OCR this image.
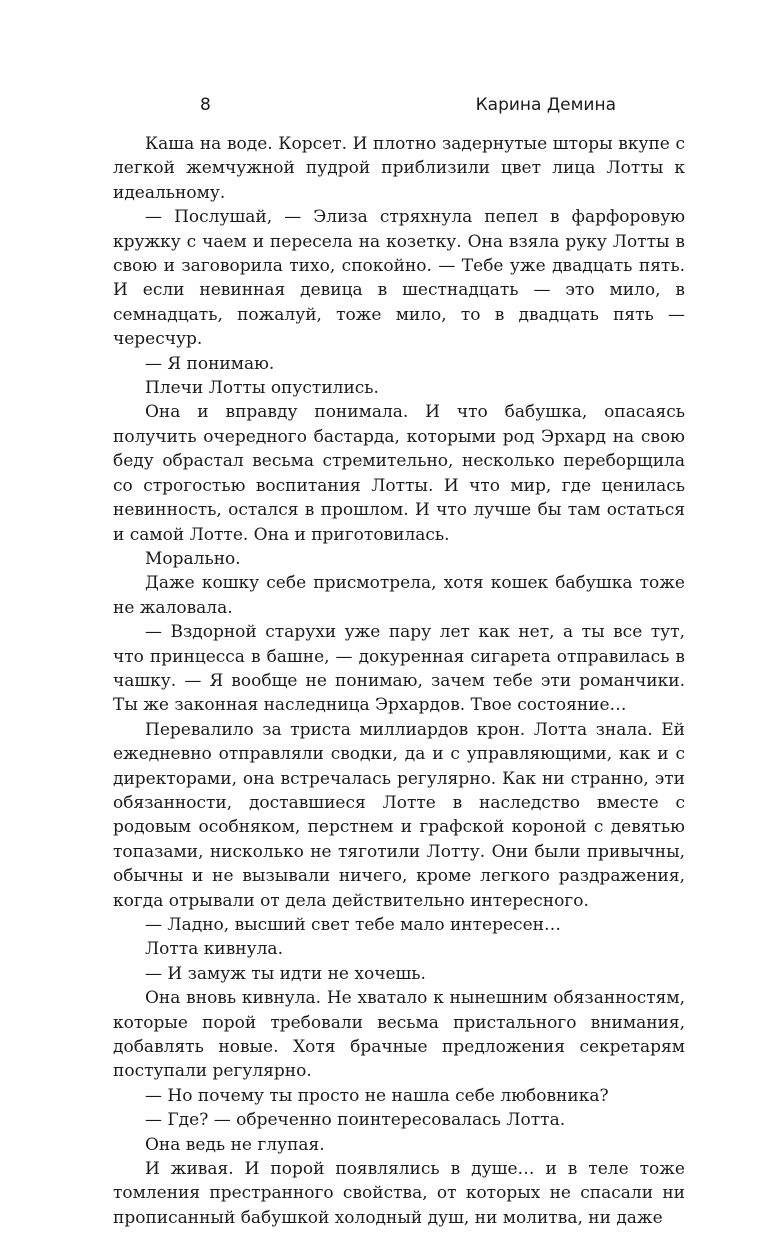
8	Карина Демина

Каша на воде. Корсет. И плотно задернутые шторы вкупе с легкой жемчужной пудрой приблизили цвет лица Лотты к идеальному.

— Послушай, — Элиза стряхнула пепел в фарфоровую кружку с чаем и пересела на козетку. Она взяла руку Лотты в свою и заговорила тихо, спокойно. — Тебе уже двадцать пять. И если невинная девица в шестнадцать — это мило, в семнадцать, пожалуй, тоже мило, то в двадцать пять — чересчур.

— Я понимаю.

Плечи Лотты опустились.

Она и вправду понимала. И что бабушка, опасаясь получить очередного бастарда, которыми род Эрхард на свою беду обрастал весьма стремительно, несколько переборщила со строгостью воспитания Лотты. И что мир, где ценилась невинность, остался в прошлом. И что лучше бы там остаться и самой Лотте. Она и приготовилась.

Морально.

Даже кошку себе присмотрела, хотя кошек бабушка тоже не жаловала.

— Вздорной старухи уже пару лет как нет, а ты все тут, что принцесса в башне, — докуренная сигарета отправилась в чашку. — Я вообще не понимаю, зачем тебе эти романчики. Ты же законная наследница Эрхардов. Твое состояние…

Перевалило за триста миллиардов крон. Лотта знала. Ей ежедневно отправляли сводки, да и с управляющими, как и с директорами, она встречалась регулярно. Как ни странно, эти обязанности, доставшиеся Лотте в наследство вместе с родовым особняком, перстнем и графской короной с девятью топазами, нисколько не тяготили Лотту. Они были привычны, обычны и не вызывали ничего, кроме легкого раздражения, когда отрывали от дела действительно интересного.

— Ладно, высший свет тебе мало интересен…

Лотта кивнула.

— И замуж ты идти не хочешь.

Она вновь кивнула. Не хватало к нынешним обязанностям, которые порой требовали весьма пристального внимания, добавлять новые. Хотя брачные предложения секретарям поступали регулярно.

— Но почему ты просто не нашла себе любовника?

— Где? — обреченно поинтересовалась Лотта.

Она ведь не глупая.

И живая. И порой появлялись в душе… и в теле тоже томления престранного свойства, от которых не спасали ни прописанный бабушкой холодный душ, ни молитва, ни даже
